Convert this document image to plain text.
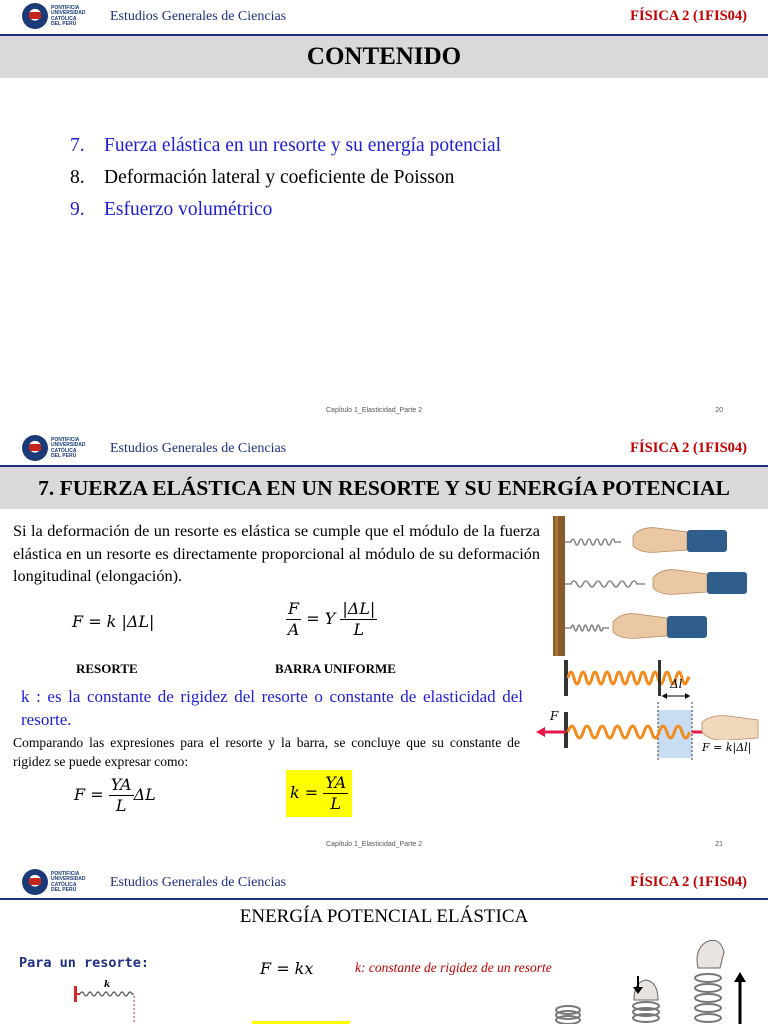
PONTIFICIA
UNIVERSIDAD
CATÓLICA
DEL PERÚ	Estudios Generales de Ciencias	FÍSICA 2 (1FIS04)
CONTENIDO
7. Fuerza elástica en un resorte y su energía potencial
8. Deformación lateral y coeficiente de Poisson
9. Esfuerzo volumétrico
Capítulo 1_Elasticidad_Parte 2	20
PONTIFICIA
UNIVERSIDAD
CATÓLICA
DEL PERÚ	Estudios Generales de Ciencias	FÍSICA 2 (1FIS04)
7. FUERZA ELÁSTICA EN UN RESORTE Y SU ENERGÍA POTENCIAL
Si la deformación de un resorte es elástica se cumple que el módulo de la fuerza elástica en un resorte es directamente proporcional al módulo de su deformación longitudinal (elongación).
F = k |ΔL|	$\frac{F}{A} = Y \frac{|\Delta L|}{L}$
RESORTE	BARRA UNIFORME
k : es la constante de rigidez del resorte o constante de elasticidad del resorte.
Comparando las expresiones para el resorte y la barra, se concluye que su constante de rigidez se puede expresar como:
$F = \frac{YA}{L}$ ΔL	$k = \frac{YA}{L}$
Δl
F
F = k|Δl|
Capítulo 1_Elasticidad_Parte 2	21
PONTIFICIA
UNIVERSIDAD
CATÓLICA
DEL PERÚ	Estudios Generales de Ciencias	FÍSICA 2 (1FIS04)
ENERGÍA POTENCIAL ELÁSTICA
Para un resorte:	F = kx	k: constante de rigidez de un resorte
k
